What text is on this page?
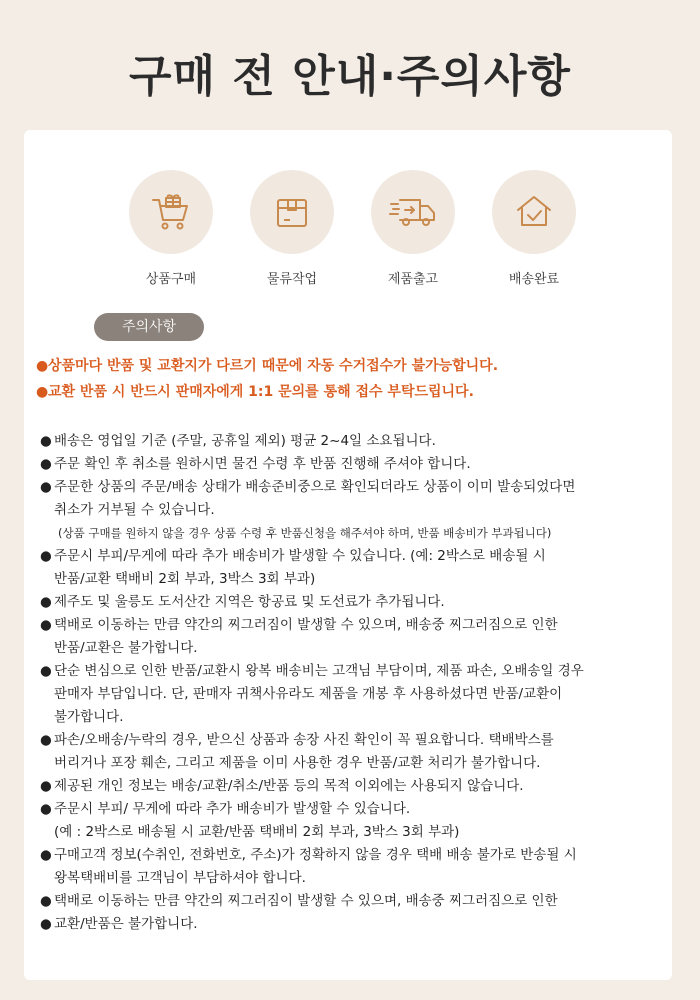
구매 전 안내·주의사항
상품구매	물류작업	제품출고	배송완료
주의사항
●상품마다 반품 및 교환지가 다르기 때문에 자동 수거접수가 불가능합니다.
●교환 반품 시 반드시 판매자에게 1:1 문의를 통해 접수 부탁드립니다.
● 배송은 영업일 기준 (주말, 공휴일 제외) 평균 2~4일 소요됩니다.
● 주문 확인 후 취소를 원하시면 물건 수령 후 반품 진행해 주셔야 합니다.
● 주문한 상품의 주문/배송 상태가 배송준비중으로 확인되더라도 상품이 이미 발송되었다면
취소가 거부될 수 있습니다.
(상품 구매를 원하지 않을 경우 상품 수령 후 반품신청을 해주셔야 하며, 반품 배송비가 부과됩니다)
● 주문시 부피/무게에 따라 추가 배송비가 발생할 수 있습니다. (예: 2박스로 배송될 시
반품/교환 택배비 2회 부과, 3박스 3회 부과)
● 제주도 및 울릉도 도서산간 지역은 항공료 및 도선료가 추가됩니다.
● 택배로 이동하는 만큼 약간의 찌그러짐이 발생할 수 있으며, 배송중 찌그러짐으로 인한
반품/교환은 불가합니다.
● 단순 변심으로 인한 반품/교환시 왕복 배송비는 고객님 부담이며, 제품 파손, 오배송일 경우
판매자 부담입니다. 단, 판매자 귀책사유라도 제품을 개봉 후 사용하셨다면 반품/교환이
불가합니다.
● 파손/오배송/누락의 경우, 받으신 상품과 송장 사진 확인이 꼭 필요합니다. 택배박스를
버리거나 포장 훼손, 그리고 제품을 이미 사용한 경우 반품/교환 처리가 불가합니다.
● 제공된 개인 정보는 배송/교환/취소/반품 등의 목적 이외에는 사용되지 않습니다.
● 주문시 부피/ 무게에 따라 추가 배송비가 발생할 수 있습니다.
(예 : 2박스로 배송될 시 교환/반품 택배비 2회 부과, 3박스 3회 부과)
● 구매고객 정보(수취인, 전화번호, 주소)가 정확하지 않을 경우 택배 배송 불가로 반송될 시
왕복택배비를 고객님이 부담하셔야 합니다.
● 택배로 이동하는 만큼 약간의 찌그러짐이 발생할 수 있으며, 배송중 찌그러짐으로 인한
● 교환/반품은 불가합니다.
